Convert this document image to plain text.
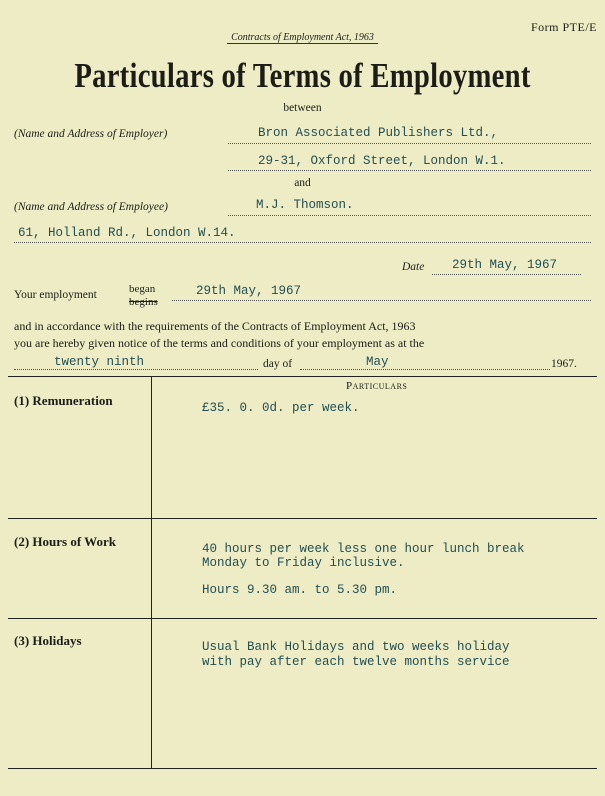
Form PTE/E
Contracts of Employment Act, 1963
Particulars of Terms of Employment
between
(Name and Address of Employer)	Bron Associated Publishers Ltd.,
29-31, Oxford Street, London W.1.
and
(Name and Address of Employee)	M.J. Thomson.
61, Holland Rd., London W.14.
Date 29th May, 1967
Your employment	began
begins
29th May, 1967
and in accordance with the requirements of the Contracts of Employment Act, 1963
you are hereby given notice of the terms and conditions of your employment as at the
twenty ninth	day of	May	1967.
Particulars
(1) Remuneration	£35. 0. 0d. per week.
(2) Hours of Work	40 hours per week less one hour lunch break
Monday to Friday inclusive.
Hours 9.30 am. to 5.30 pm.
(3) Holidays	Usual Bank Holidays and two weeks holiday
with pay after each twelve months service
